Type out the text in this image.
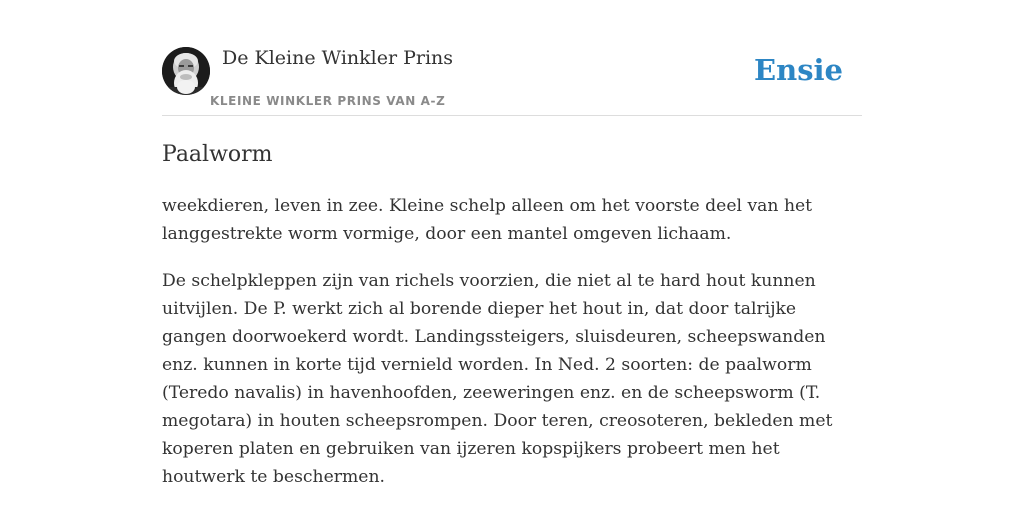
De Kleine Winkler Prins
KLEINE WINKLER PRINS VAN A-Z
Ensie
Paalworm

weekdieren, leven in zee. Kleine schelp alleen om het voorste deel van het langgestrekte worm vormige, door een mantel omgeven lichaam.

De schelpkleppen zijn van richels voorzien, die niet al te hard hout kunnen uitvijlen. De P. werkt zich al borende dieper het hout in, dat door talrijke gangen doorwoekerd wordt. Landingssteigers, sluisdeuren, scheepswanden enz. kunnen in korte tijd vernield worden. In Ned. 2 soorten: de paalworm (Teredo navalis) in havenhoofden, zeeweringen enz. en de scheepsworm (T. megotara) in houten scheepsrompen. Door teren, creosoteren, bekleden met koperen platen en gebruiken van ijzeren kopspijkers probeert men het houtwerk te beschermen.
